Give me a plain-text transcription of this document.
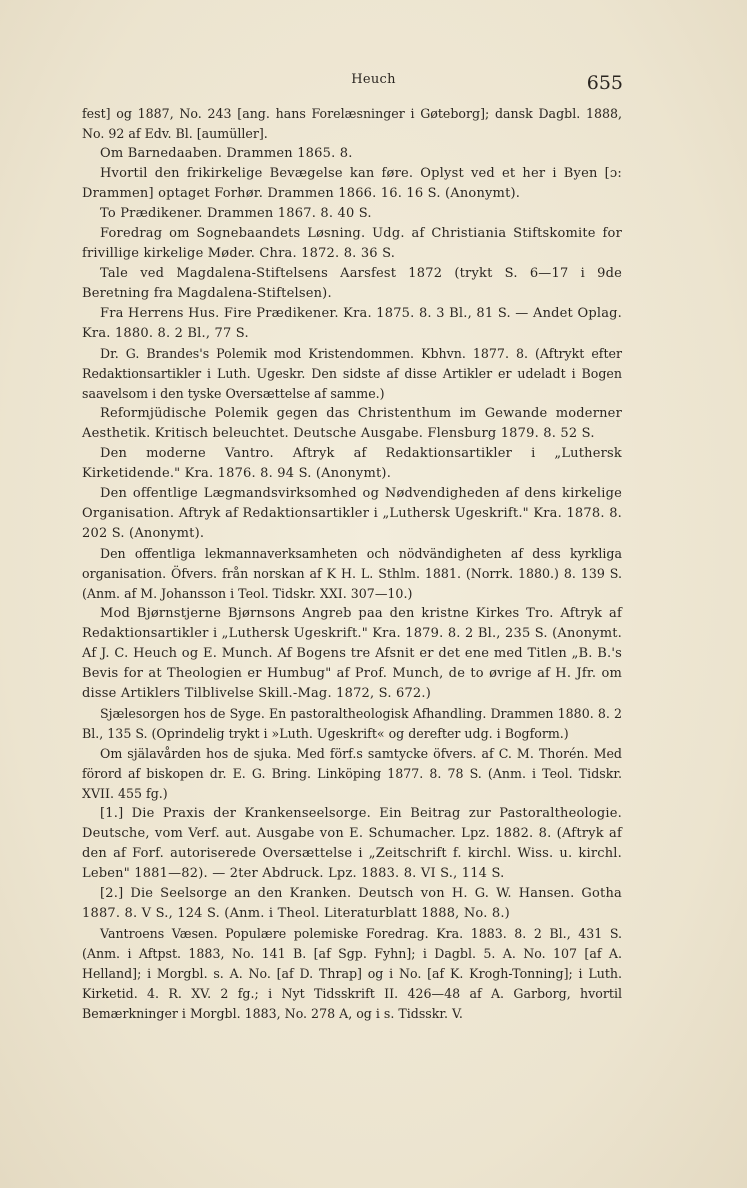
Heuch	655

fest] og 1887, No. 243 [ang. hans Forelæsninger i Gøteborg]; dansk Dagbl. 1888, No. 92 af Edv. Bl. [aumüller].

Om Barnedaaben. Drammen 1865. 8.

Hvortil den frikirkelige Bevægelse kan føre. Oplyst ved et her i Byen [ɔ: Drammen] optaget Forhør. Drammen 1866. 16. 16 S. (Anonymt).

To Prædikener. Drammen 1867. 8. 40 S.

Foredrag om Sognebaandets Løsning. Udg. af Christiania Stiftskomite for frivillige kirkelige Møder. Chra. 1872. 8. 36 S.

Tale ved Magdalena-Stiftelsens Aarsfest 1872 (trykt S. 6—17 i 9de Beretning fra Magdalena-Stiftelsen).

Fra Herrens Hus. Fire Prædikener. Kra. 1875. 8. 3 Bl., 81 S. — Andet Oplag. Kra. 1880. 8. 2 Bl., 77 S.

Dr. G. Brandes's Polemik mod Kristendommen. Kbhvn. 1877. 8. (Aftrykt efter Redaktionsartikler i Luth. Ugeskr. Den sidste af disse Artikler er udeladt i Bogen saavelsom i den tyske Oversættelse af samme.)

Reformjüdische Polemik gegen das Christenthum im Gewande moderner Aesthetik. Kritisch beleuchtet. Deutsche Ausgabe. Flensburg 1879. 8. 52 S.

Den moderne Vantro. Aftryk af Redaktionsartikler i „Luthersk Kirketidende." Kra. 1876. 8. 94 S. (Anonymt).

Den offentlige Lægmandsvirksomhed og Nødvendigheden af dens kirkelige Organisation. Aftryk af Redaktionsartikler i „Luthersk Ugeskrift." Kra. 1878. 8. 202 S. (Anonymt).

Den offentliga lekmannaverksamheten och nödvändigheten af dess kyrkliga organisation. Öfvers. från norskan af K H. L. Sthlm. 1881. (Norrk. 1880.) 8. 139 S. (Anm. af M. Johansson i Teol. Tidskr. XXI. 307—10.)

Mod Bjørnstjerne Bjørnsons Angreb paa den kristne Kirkes Tro. Aftryk af Redaktionsartikler i „Luthersk Ugeskrift." Kra. 1879. 8. 2 Bl., 235 S. (Anonymt. Af J. C. Heuch og E. Munch. Af Bogens tre Afsnit er det ene med Titlen „B. B.'s Bevis for at Theologien er Humbug" af Prof. Munch, de to øvrige af H. Jfr. om disse Artiklers Tilblivelse Skill.-Mag. 1872, S. 672.)

Sjælesorgen hos de Syge. En pastoraltheologisk Afhandling. Drammen 1880. 8. 2 Bl., 135 S. (Oprindelig trykt i »Luth. Ugeskrift« og derefter udg. i Bogform.)

Om själavården hos de sjuka. Med förf.s samtycke öfvers. af C. M. Thorén. Med förord af biskopen dr. E. G. Bring. Linköping 1877. 8. 78 S. (Anm. i Teol. Tidskr. XVII. 455 fg.)

[1.] Die Praxis der Krankenseelsorge. Ein Beitrag zur Pastoraltheologie. Deutsche, vom Verf. aut. Ausgabe von E. Schumacher. Lpz. 1882. 8. (Aftryk af den af Forf. autoriserede Oversættelse i „Zeitschrift f. kirchl. Wiss. u. kirchl. Leben" 1881—82). — 2ter Abdruck. Lpz. 1883. 8. VI S., 114 S.

[2.] Die Seelsorge an den Kranken. Deutsch von H. G. W. Hansen. Gotha 1887. 8. V S., 124 S. (Anm. i Theol. Literaturblatt 1888, No. 8.)

Vantroens Væsen. Populære polemiske Foredrag. Kra. 1883. 8. 2 Bl., 431 S. (Anm. i Aftpst. 1883, No. 141 B. [af Sgp. Fyhn]; i Dagbl. 5. A. No. 107 [af A. Helland]; i Morgbl. s. A. No. [af D. Thrap] og i No. [af K. Krogh-Tonning]; i Luth. Kirketid. 4. R. XV. 2 fg.; i Nyt Tidsskrift II. 426—48 af A. Garborg, hvortil Bemærkninger i Morgbl. 1883, No. 278 A, og i s. Tidsskr. V.
